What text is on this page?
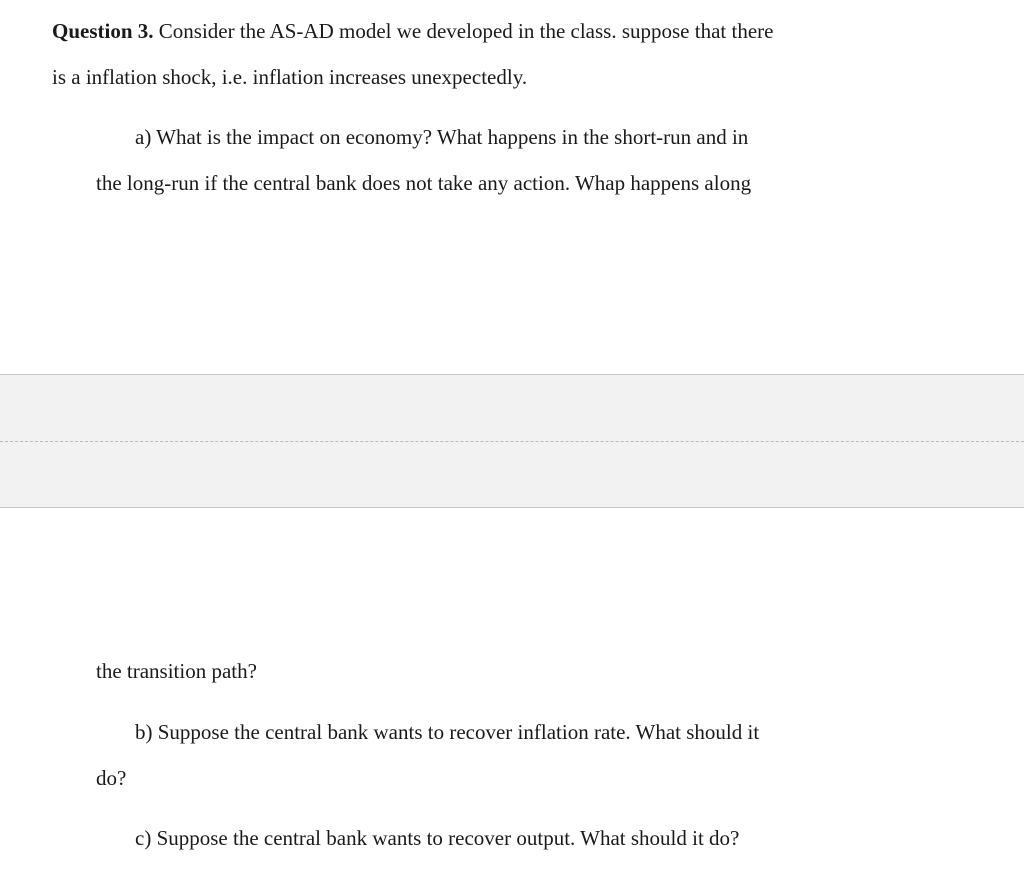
Question 3. Consider the AS-AD model we developed in the class. suppose that there
is a inflation shock, i.e. inflation increases unexpectedly.
a) What is the impact on economy? What happens in the short-run and in
the long-run if the central bank does not take any action. Whap happens along
the transition path?
b) Suppose the central bank wants to recover inflation rate. What should it
do?
c) Suppose the central bank wants to recover output. What should it do?
